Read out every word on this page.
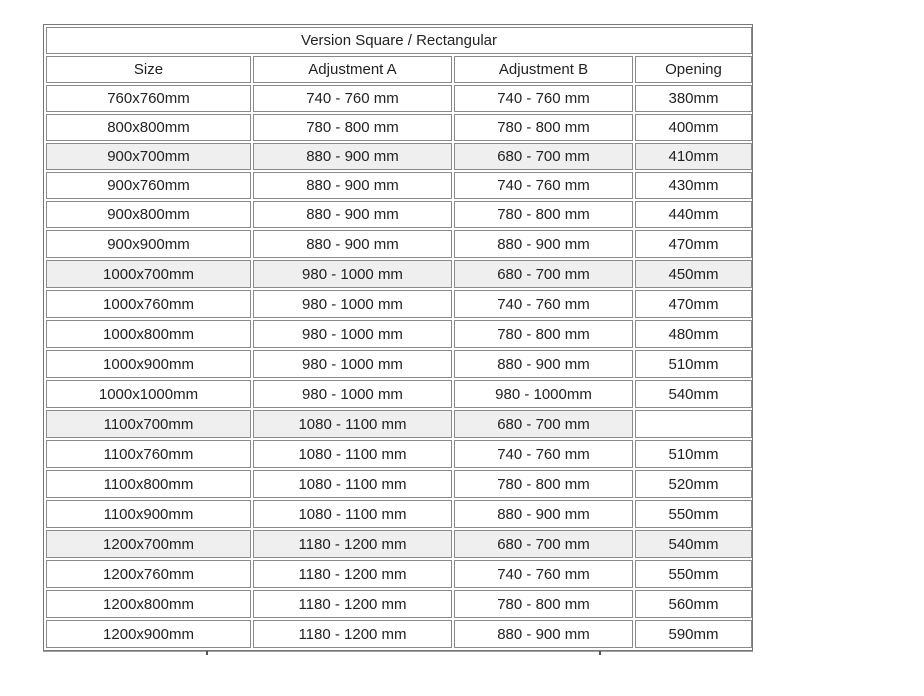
Version Square / Rectangular			
Size	Adjustment A	Adjustment B	Opening
760x760mm	740 - 760 mm	740 - 760 mm	380mm
800x800mm	780 - 800 mm	780 - 800 mm	400mm
900x700mm	880 - 900 mm	680 - 700 mm	410mm
900x760mm	880 - 900 mm	740 - 760 mm	430mm
900x800mm	880 - 900 mm	780 - 800 mm	440mm
900x900mm	880 - 900 mm	880 - 900 mm	470mm
1000x700mm	980 - 1000 mm	680 - 700 mm	450mm
1000x760mm	980 - 1000 mm	740 - 760 mm	470mm
1000x800mm	980 - 1000 mm	780 - 800 mm	480mm
1000x900mm	980 - 1000 mm	880 - 900 mm	510mm
1000x1000mm	980 - 1000 mm	980 - 1000mm	540mm
1100x700mm	1080 - 1100 mm	680 - 700 mm	
1100x760mm	1080 - 1100 mm	740 - 760 mm	510mm
1100x800mm	1080 - 1100 mm	780 - 800 mm	520mm
1100x900mm	1080 - 1100 mm	880 - 900 mm	550mm
1200x700mm	1180 - 1200 mm	680 - 700 mm	540mm
1200x760mm	1180 - 1200 mm	740 - 760 mm	550mm
1200x800mm	1180 - 1200 mm	780 - 800 mm	560mm
1200x900mm	1180 - 1200 mm	880 - 900 mm	590mm
